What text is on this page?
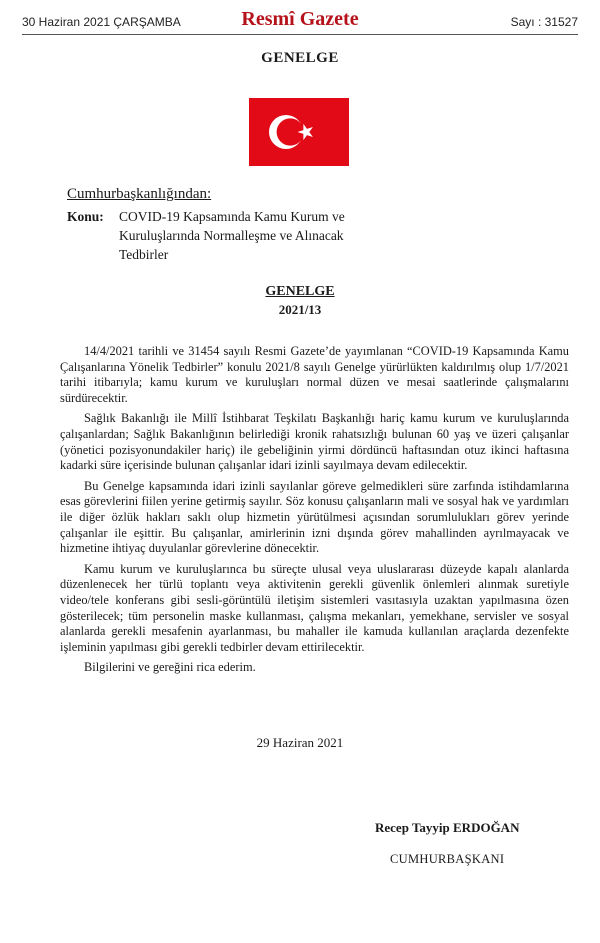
30 Haziran 2021 ÇARŞAMBA	Resmî Gazete	Sayı : 31527
GENELGE
Cumhurbaşkanlığından:
Konu: COVID-19 Kapsamında Kamu Kurum ve Kuruluşlarında Normalleşme ve Alınacak Tedbirler
GENELGE
2021/13

14/4/2021 tarihli ve 31454 sayılı Resmi Gazete’de yayımlanan “COVID-19 Kapsamında Kamu Çalışanlarına Yönelik Tedbirler” konulu 2021/8 sayılı Genelge yürürlükten kaldırılmış olup 1/7/2021 tarihi itibarıyla; kamu kurum ve kuruluşları normal düzen ve mesai saatlerinde çalışmalarını sürdürecektir.

Sağlık Bakanlığı ile Millî İstihbarat Teşkilatı Başkanlığı hariç kamu kurum ve kuruluşlarında çalışanlardan; Sağlık Bakanlığının belirlediği kronik rahatsızlığı bulunan 60 yaş ve üzeri çalışanlar (yönetici pozisyonundakiler hariç) ile gebeliğinin yirmi dördüncü haftasından otuz ikinci haftasına kadarki süre içerisinde bulunan çalışanlar idari izinli sayılmaya devam edilecektir.

Bu Genelge kapsamında idari izinli sayılanlar göreve gelmedikleri süre zarfında istihdamlarına esas görevlerini fiilen yerine getirmiş sayılır. Söz konusu çalışanların mali ve sosyal hak ve yardımları ile diğer özlük hakları saklı olup hizmetin yürütülmesi açısından sorumlulukları görev yerinde çalışanlar ile eşittir. Bu çalışanlar, amirlerinin izni dışında görev mahallinden ayrılmayacak ve hizmetine ihtiyaç duyulanlar görevlerine dönecektir.

Kamu kurum ve kuruluşlarınca bu süreçte ulusal veya uluslararası düzeyde kapalı alanlarda düzenlenecek her türlü toplantı veya aktivitenin gerekli güvenlik önlemleri alınmak suretiyle video/tele konferans gibi sesli-görüntülü iletişim sistemleri vasıtasıyla uzaktan yapılmasına özen gösterilecek; tüm personelin maske kullanması, çalışma mekanları, yemekhane, servisler ve sosyal alanlarda gerekli mesafenin ayarlanması, bu mahaller ile kamuda kullanılan araçlarda dezenfekte işleminin yapılması gibi gerekli tedbirler devam ettirilecektir.

Bilgilerini ve gereğini rica ederim.

29 Haziran 2021
Recep Tayyip ERDOĞAN
CUMHURBAŞKANI
